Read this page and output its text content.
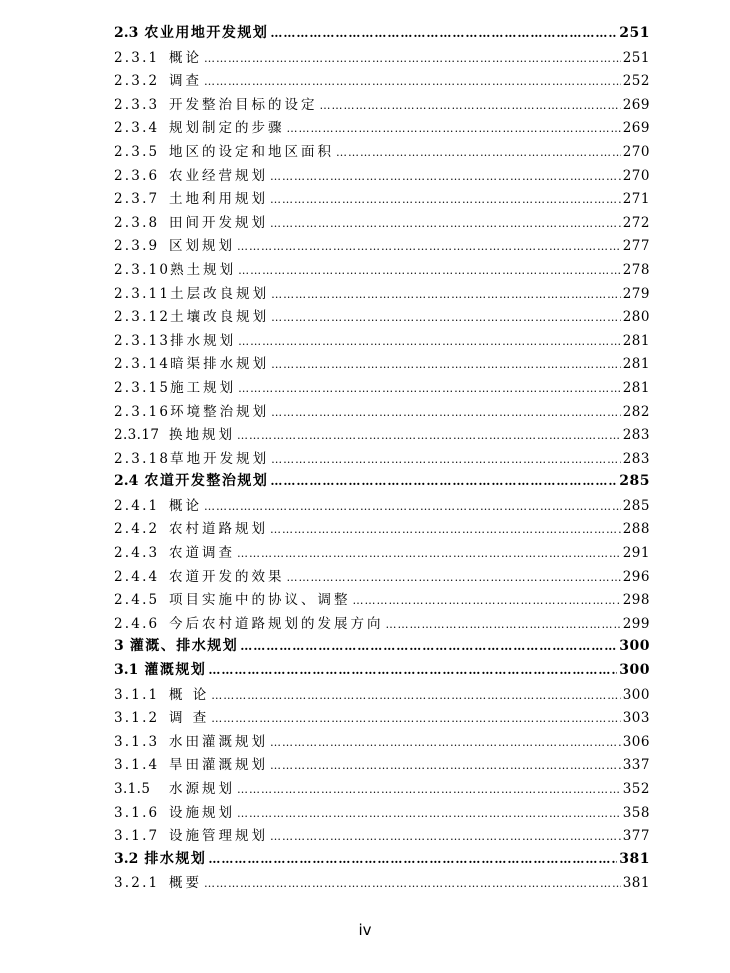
2.3 农业用地开发规划 ……………………………………………………………………………………………………………………………………………………………………………………	251
2.3.1 概论 ……………………………………………………………………………………………………………………………………………………………………………………	251
2.3.2 调查 ……………………………………………………………………………………………………………………………………………………………………………………	252
2.3.3 开发整治目标的设定 ……………………………………………………………………………………………………………………………………………………………………………………	269
2.3.4 规划制定的步骤 ……………………………………………………………………………………………………………………………………………………………………………………	269
2.3.5 地区的设定和地区面积 ……………………………………………………………………………………………………………………………………………………………………………………	270
2.3.6 农业经营规划 ……………………………………………………………………………………………………………………………………………………………………………………	270
2.3.7 土地利用规划 ……………………………………………………………………………………………………………………………………………………………………………………	271
2.3.8 田间开发规划 ……………………………………………………………………………………………………………………………………………………………………………………	272
2.3.9 区划规划 ……………………………………………………………………………………………………………………………………………………………………………………	277
2.3.10 熟土规划 ……………………………………………………………………………………………………………………………………………………………………………………	278
2.3.11 土层改良规划 ……………………………………………………………………………………………………………………………………………………………………………………	279
2.3.12 土壤改良规划 ……………………………………………………………………………………………………………………………………………………………………………………	280
2.3.13 排水规划 ……………………………………………………………………………………………………………………………………………………………………………………	281
2.3.14 暗渠排水规划 ……………………………………………………………………………………………………………………………………………………………………………………	281
2.3.15 施工规划 ……………………………………………………………………………………………………………………………………………………………………………………	281
2.3.16 环境整治规划 ……………………………………………………………………………………………………………………………………………………………………………………	282
2.3.17 换地规划 ……………………………………………………………………………………………………………………………………………………………………………………	283
2.3.18 草地开发规划 ……………………………………………………………………………………………………………………………………………………………………………………	283
2.4 农道开发整治规划 ……………………………………………………………………………………………………………………………………………………………………………………	285
2.4.1 概论 ……………………………………………………………………………………………………………………………………………………………………………………	285
2.4.2 农村道路规划 ……………………………………………………………………………………………………………………………………………………………………………………	288
2.4.3 农道调查 ……………………………………………………………………………………………………………………………………………………………………………………	291
2.4.4 农道开发的效果 ……………………………………………………………………………………………………………………………………………………………………………………	296
2.4.5 项目实施中的协议、调整 ……………………………………………………………………………………………………………………………………………………………………………………	298
2.4.6 今后农村道路规划的发展方向 ……………………………………………………………………………………………………………………………………………………………………………………	299
3 灌溉、排水规划 ……………………………………………………………………………………………………………………………………………………………………………………	300
3.1 灌溉规划 ……………………………………………………………………………………………………………………………………………………………………………………	300
3.1.1 概 论 ……………………………………………………………………………………………………………………………………………………………………………………	300
3.1.2 调 查 ……………………………………………………………………………………………………………………………………………………………………………………	303
3.1.3 水田灌溉规划 ……………………………………………………………………………………………………………………………………………………………………………………	306
3.1.4 旱田灌溉规划 ……………………………………………………………………………………………………………………………………………………………………………………	337
3.1.5	水源规划 ……………………………………………………………………………………………………………………………………………………………………………………	352
3.1.6 设施规划 ……………………………………………………………………………………………………………………………………………………………………………………	358
3.1.7 设施管理规划 ……………………………………………………………………………………………………………………………………………………………………………………	377
3.2 排水规划 ……………………………………………………………………………………………………………………………………………………………………………………	381
3.2.1 概要 ……………………………………………………………………………………………………………………………………………………………………………………	381
iv
